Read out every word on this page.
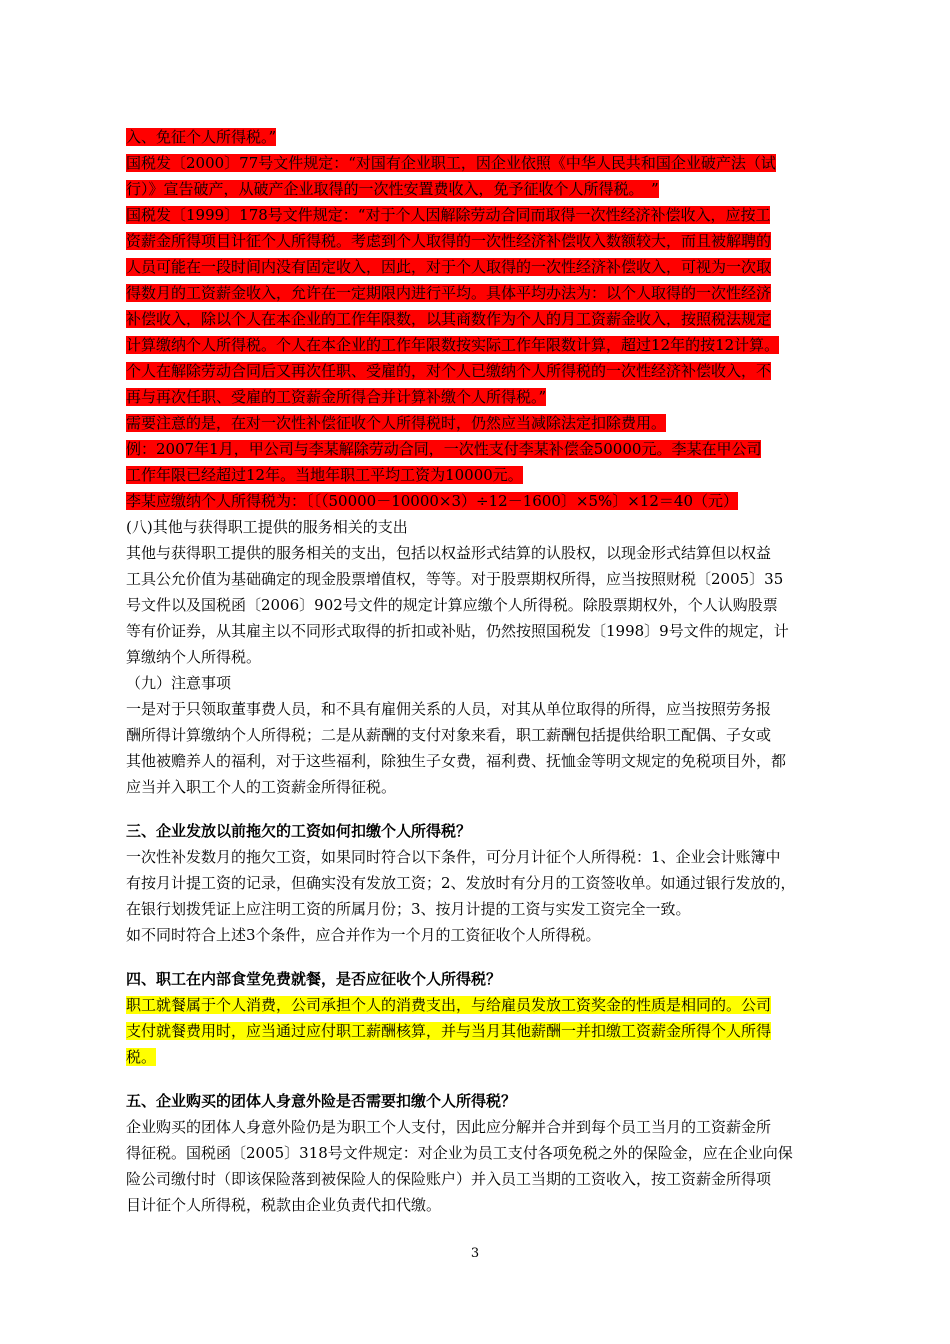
入、免征个人所得税。”
国税发〔2000〕77号文件规定：“对国有企业职工，因企业依照《中华人民共和国企业破产法（试
行）》宣告破产，从破产企业取得的一次性安置费收入，免予征收个人所得税。　”
国税发〔1999〕178号文件规定：“对于个人因解除劳动合同而取得一次性经济补偿收入，应按工
资薪金所得项目计征个人所得税。考虑到个人取得的一次性经济补偿收入数额较大，而且被解聘的
人员可能在一段时间内没有固定收入，因此，对于个人取得的一次性经济补偿收入，可视为一次取
得数月的工资薪金收入，允许在一定期限内进行平均。具体平均办法为：以个人取得的一次性经济
补偿收入，除以个人在本企业的工作年限数，以其商数作为个人的月工资薪金收入，按照税法规定
计算缴纳个人所得税。个人在本企业的工作年限数按实际工作年限数计算，超过12年的按12计算。
个人在解除劳动合同后又再次任职、受雇的，对个人已缴纳个人所得税的一次性经济补偿收入，不
再与再次任职、受雇的工资薪金所得合并计算补缴个人所得税。”
需要注意的是，在对一次性补偿征收个人所得税时，仍然应当减除法定扣除费用。
例：2007年1月，甲公司与李某解除劳动合同，一次性支付李某补偿金50000元。李某在甲公司
工作年限已经超过12年。当地年职工平均工资为10000元。
李某应缴纳个人所得税为：〔〔（50000－10000×3）÷12－1600〕×5%〕×12＝40（元）
(八)其他与获得职工提供的服务相关的支出
其他与获得职工提供的服务相关的支出，包括以权益形式结算的认股权，以现金形式结算但以权益
工具公允价值为基础确定的现金股票增值权，等等。对于股票期权所得，应当按照财税〔2005〕35
号文件以及国税函〔2006〕902号文件的规定计算应缴个人所得税。除股票期权外，个人认购股票
等有价证券，从其雇主以不同形式取得的折扣或补贴，仍然按照国税发〔1998〕9号文件的规定，计
算缴纳个人所得税。
（九）注意事项
一是对于只领取董事费人员，和不具有雇佣关系的人员，对其从单位取得的所得，应当按照劳务报
酬所得计算缴纳个人所得税；二是从薪酬的支付对象来看，职工薪酬包括提供给职工配偶、子女或
其他被赡养人的福利，对于这些福利，除独生子女费，福利费、抚恤金等明文规定的免税项目外，都
应当并入职工个人的工资薪金所得征税。
三、企业发放以前拖欠的工资如何扣缴个人所得税？
一次性补发数月的拖欠工资，如果同时符合以下条件，可分月计征个人所得税：1、企业会计账簿中
有按月计提工资的记录，但确实没有发放工资；2、发放时有分月的工资签收单。如通过银行发放的，
在银行划拨凭证上应注明工资的所属月份；3、按月计提的工资与实发工资完全一致。
如不同时符合上述3个条件，应合并作为一个月的工资征收个人所得税。
四、职工在内部食堂免费就餐，是否应征收个人所得税？
职工就餐属于个人消费，公司承担个人的消费支出，与给雇员发放工资奖金的性质是相同的。公司
支付就餐费用时，应当通过应付职工薪酬核算，并与当月其他薪酬一并扣缴工资薪金所得个人所得
税。
五、企业购买的团体人身意外险是否需要扣缴个人所得税？
企业购买的团体人身意外险仍是为职工个人支付，因此应分解并合并到每个员工当月的工资薪金所
得征税。国税函〔2005〕318号文件规定：对企业为员工支付各项免税之外的保险金，应在企业向保
险公司缴付时（即该保险落到被保险人的保险账户）并入员工当期的工资收入，按工资薪金所得项
目计征个人所得税，税款由企业负责代扣代缴。
3
